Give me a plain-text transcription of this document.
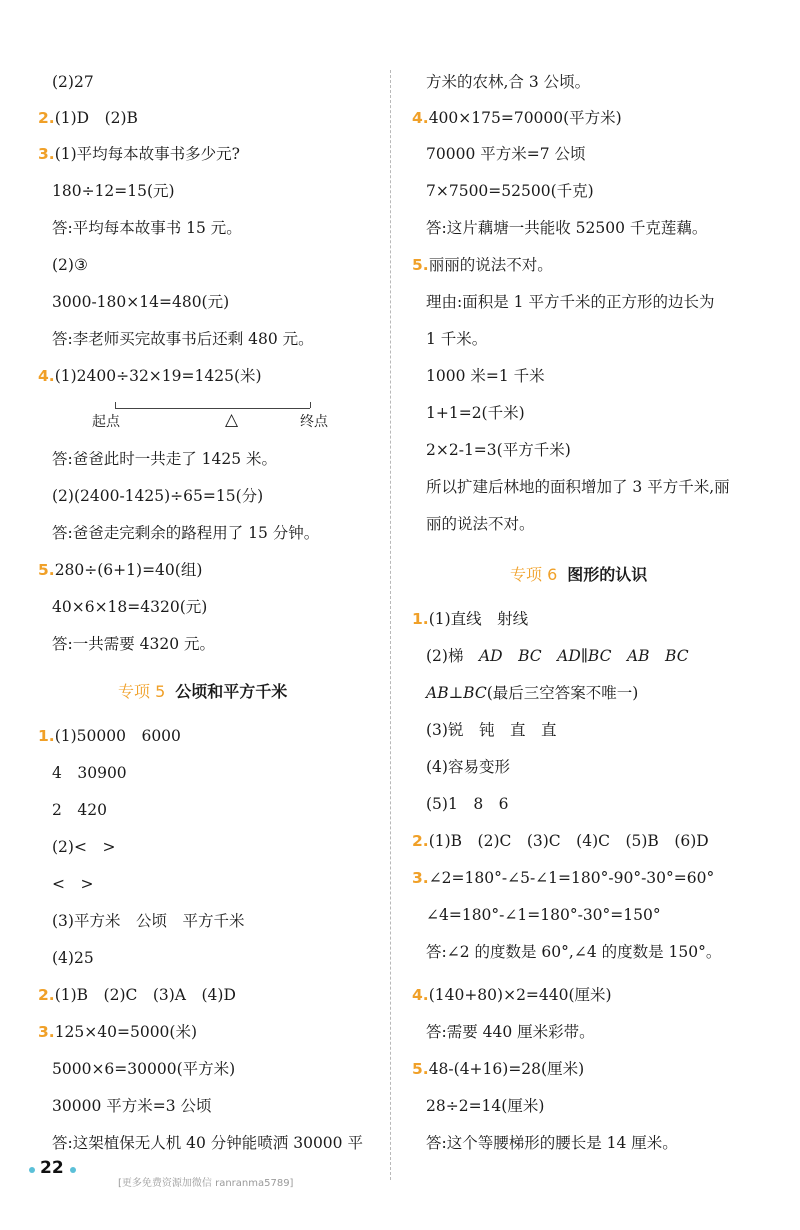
(2)27
2.(1)D　(2)B
3.(1)平均每本故事书多少元?
180÷12=15(元)
答:平均每本故事书 15 元。
(2)③
3000-180×14=480(元)
答:李老师买完故事书后还剩 480 元。
4.(1)2400÷32×19=1425(米)
起点	△	终点
答:爸爸此时一共走了 1425 米。
(2)(2400-1425)÷65=15(分)
答:爸爸走完剩余的路程用了 15 分钟。
5.280÷(6+1)=40(组)
40×6×18=4320(元)
答:一共需要 4320 元。
专项 5 公顷和平方千米
1.(1)50000　6000
4　30900
2　420
(2)<　>
<　>
(3)平方米　公顷　平方千米
(4)25
2.(1)B　(2)C　(3)A　(4)D
3.125×40=5000(米)
5000×6=30000(平方米)
30000 平方米=3 公顷
答:这架植保无人机 40 分钟能喷洒 30000 平
方米的农林,合 3 公顷。
4.400×175=70000(平方米)
70000 平方米=7 公顷
7×7500=52500(千克)
答:这片藕塘一共能收 52500 千克莲藕。
5.丽丽的说法不对。
理由:面积是 1 平方千米的正方形的边长为
1 千米。
1000 米=1 千米
1+1=2(千米)
2×2-1=3(平方千米)
所以扩建后林地的面积增加了 3 平方千米,丽
丽的说法不对。
专项 6 图形的认识
1.(1)直线　射线
(2)梯　AD　BC　AD∥BC　AB　BC
AB⊥BC(最后三空答案不唯一)
(3)锐　钝　直　直
(4)容易变形
(5)1　8　6
2.(1)B　(2)C　(3)C　(4)C　(5)B　(6)D
3.∠2=180°-∠5-∠1=180°-90°-30°=60°
∠4=180°-∠1=180°-30°=150°
答:∠2 的度数是 60°,∠4 的度数是 150°。
4.(140+80)×2=440(厘米)
答:需要 440 厘米彩带。
5.48-(4+16)=28(厘米)
28÷2=14(厘米)
答:这个等腰梯形的腰长是 14 厘米。
22
[更多免费资源加微信 ranranma5789]
